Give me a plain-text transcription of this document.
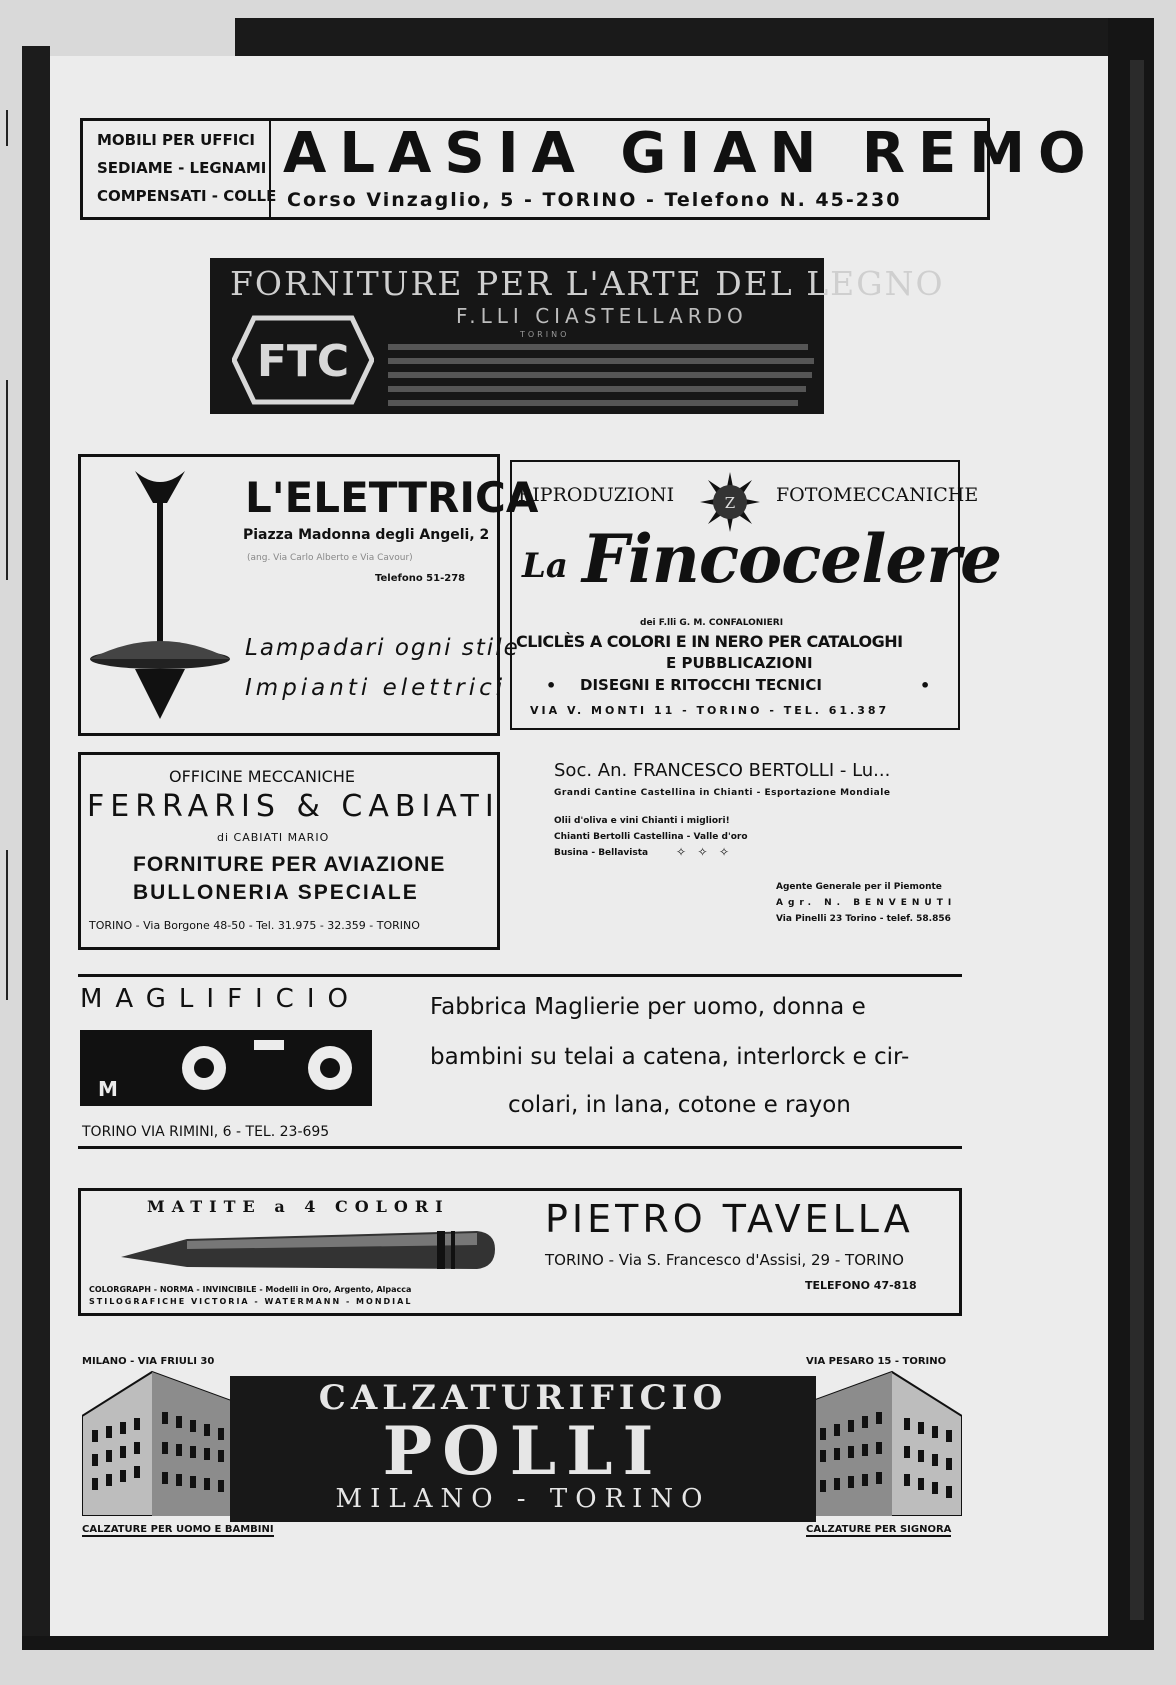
MOBILI PER UFFICI
SEDIAME - LEGNAMI
COMPENSATI - COLLE
ALASIA GIAN REMO
Corso Vinzaglio, 5 - TORINO - Telefono N. 45-230
FORNITURE PER L'ARTE DEL LEGNO
F.LLI CIASTELLARDO
TORINO
FTC
L'ELETTRICA
Piazza Madonna degli Angeli, 2
(ang. Via Carlo Alberto e Via Cavour)
Telefono 51-278
Lampadari ogni stile
Impianti elettrici
RIPRODUZIONI	Z FOTOMECCANICHE
La Fincocelere
dei F.lli G. M. CONFALONIERI
CLICLÈS A COLORI E IN NERO PER CATALOGHI
E PUBBLICAZIONI
• DISEGNI E RITOCCHI TECNICI	•
VIA V. MONTI 11 - TORINO - TEL. 61.387
OFFICINE MECCANICHE
FERRARIS & CABIATI
di CABIATI MARIO
FORNITURE PER AVIAZIONE
BULLONERIA SPECIALE
TORINO - Via Borgone 48-50 - Tel. 31.975 - 32.359 - TORINO
Soc. An. FRANCESCO BERTOLLI - Lu...
Grandi Cantine Castellina in Chianti - Esportazione Mondiale
Olii d'oliva e vini Chianti i migliori!
Chianti Bertolli Castellina - Valle d'oro
Busina - Bellavista ✧   ✧   ✧
Agente Generale per il Piemonte
Agr. N. BENVENUTI
Via Pinelli 23 Torino - telef. 58.856
MAGLIFICIO
M
TORINO VIA RIMINI, 6 - TEL. 23-695
Fabbrica Maglierie per uomo, donna e
bambini su telai a catena, interlorck e cir-
colari, in lana, cotone e rayon
MATITE a 4 COLORI
COLORGRAPH - NORMA - INVINCIBILE - Modelli in Oro, Argento, Alpacca
STILOGRAFICHE VICTORIA - WATERMANN - MONDIAL
PIETRO TAVELLA
TORINO - Via S. Francesco d'Assisi, 29 - TORINO
TELEFONO 47-818
MILANO - VIA FRIULI 30	VIA PESARO 15 - TORINO
CALZATURIFICIO
POLLI
MILANO - TORINO
CALZATURE PER UOMO E BAMBINI	CALZATURE PER SIGNORA
